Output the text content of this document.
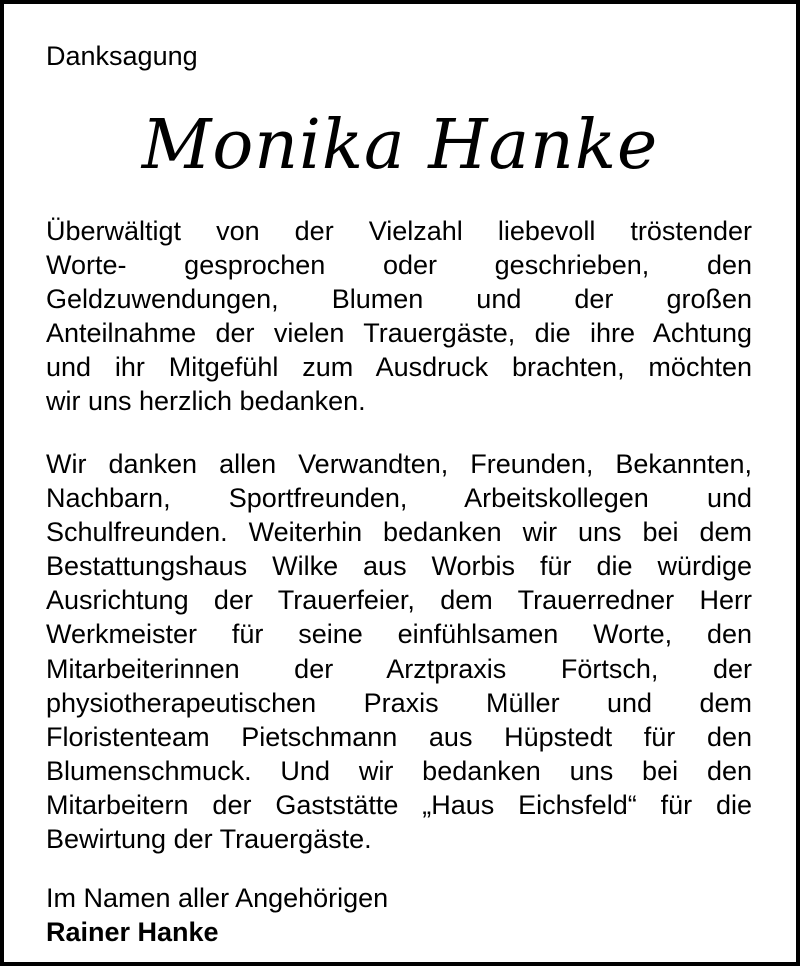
Danksagung
Monika Hanke

Überwältigt von der Vielzahl liebevoll tröstender
Worte- gesprochen oder geschrieben, den
Geldzuwendungen, Blumen und der großen
Anteilnahme der vielen Trauergäste, die ihre Achtung
und ihr Mitgefühl zum Ausdruck brachten, möchten
wir uns herzlich bedanken.

Wir danken allen Verwandten, Freunden, Bekannten,
Nachbarn, Sportfreunden, Arbeitskollegen und
Schulfreunden. Weiterhin bedanken wir uns bei dem
Bestattungshaus Wilke aus Worbis für die würdige
Ausrichtung der Trauerfeier, dem Trauerredner Herr
Werkmeister für seine einfühlsamen Worte, den
Mitarbeiterinnen der Arztpraxis Förtsch, der
physiotherapeutischen Praxis Müller und dem
Floristenteam Pietschmann aus Hüpstedt für den
Blumenschmuck. Und wir bedanken uns bei den
Mitarbeitern der Gaststätte „Haus Eichsfeld“ für die
Bewirtung der Trauergäste.

Im Namen aller Angehörigen
Rainer Hanke
